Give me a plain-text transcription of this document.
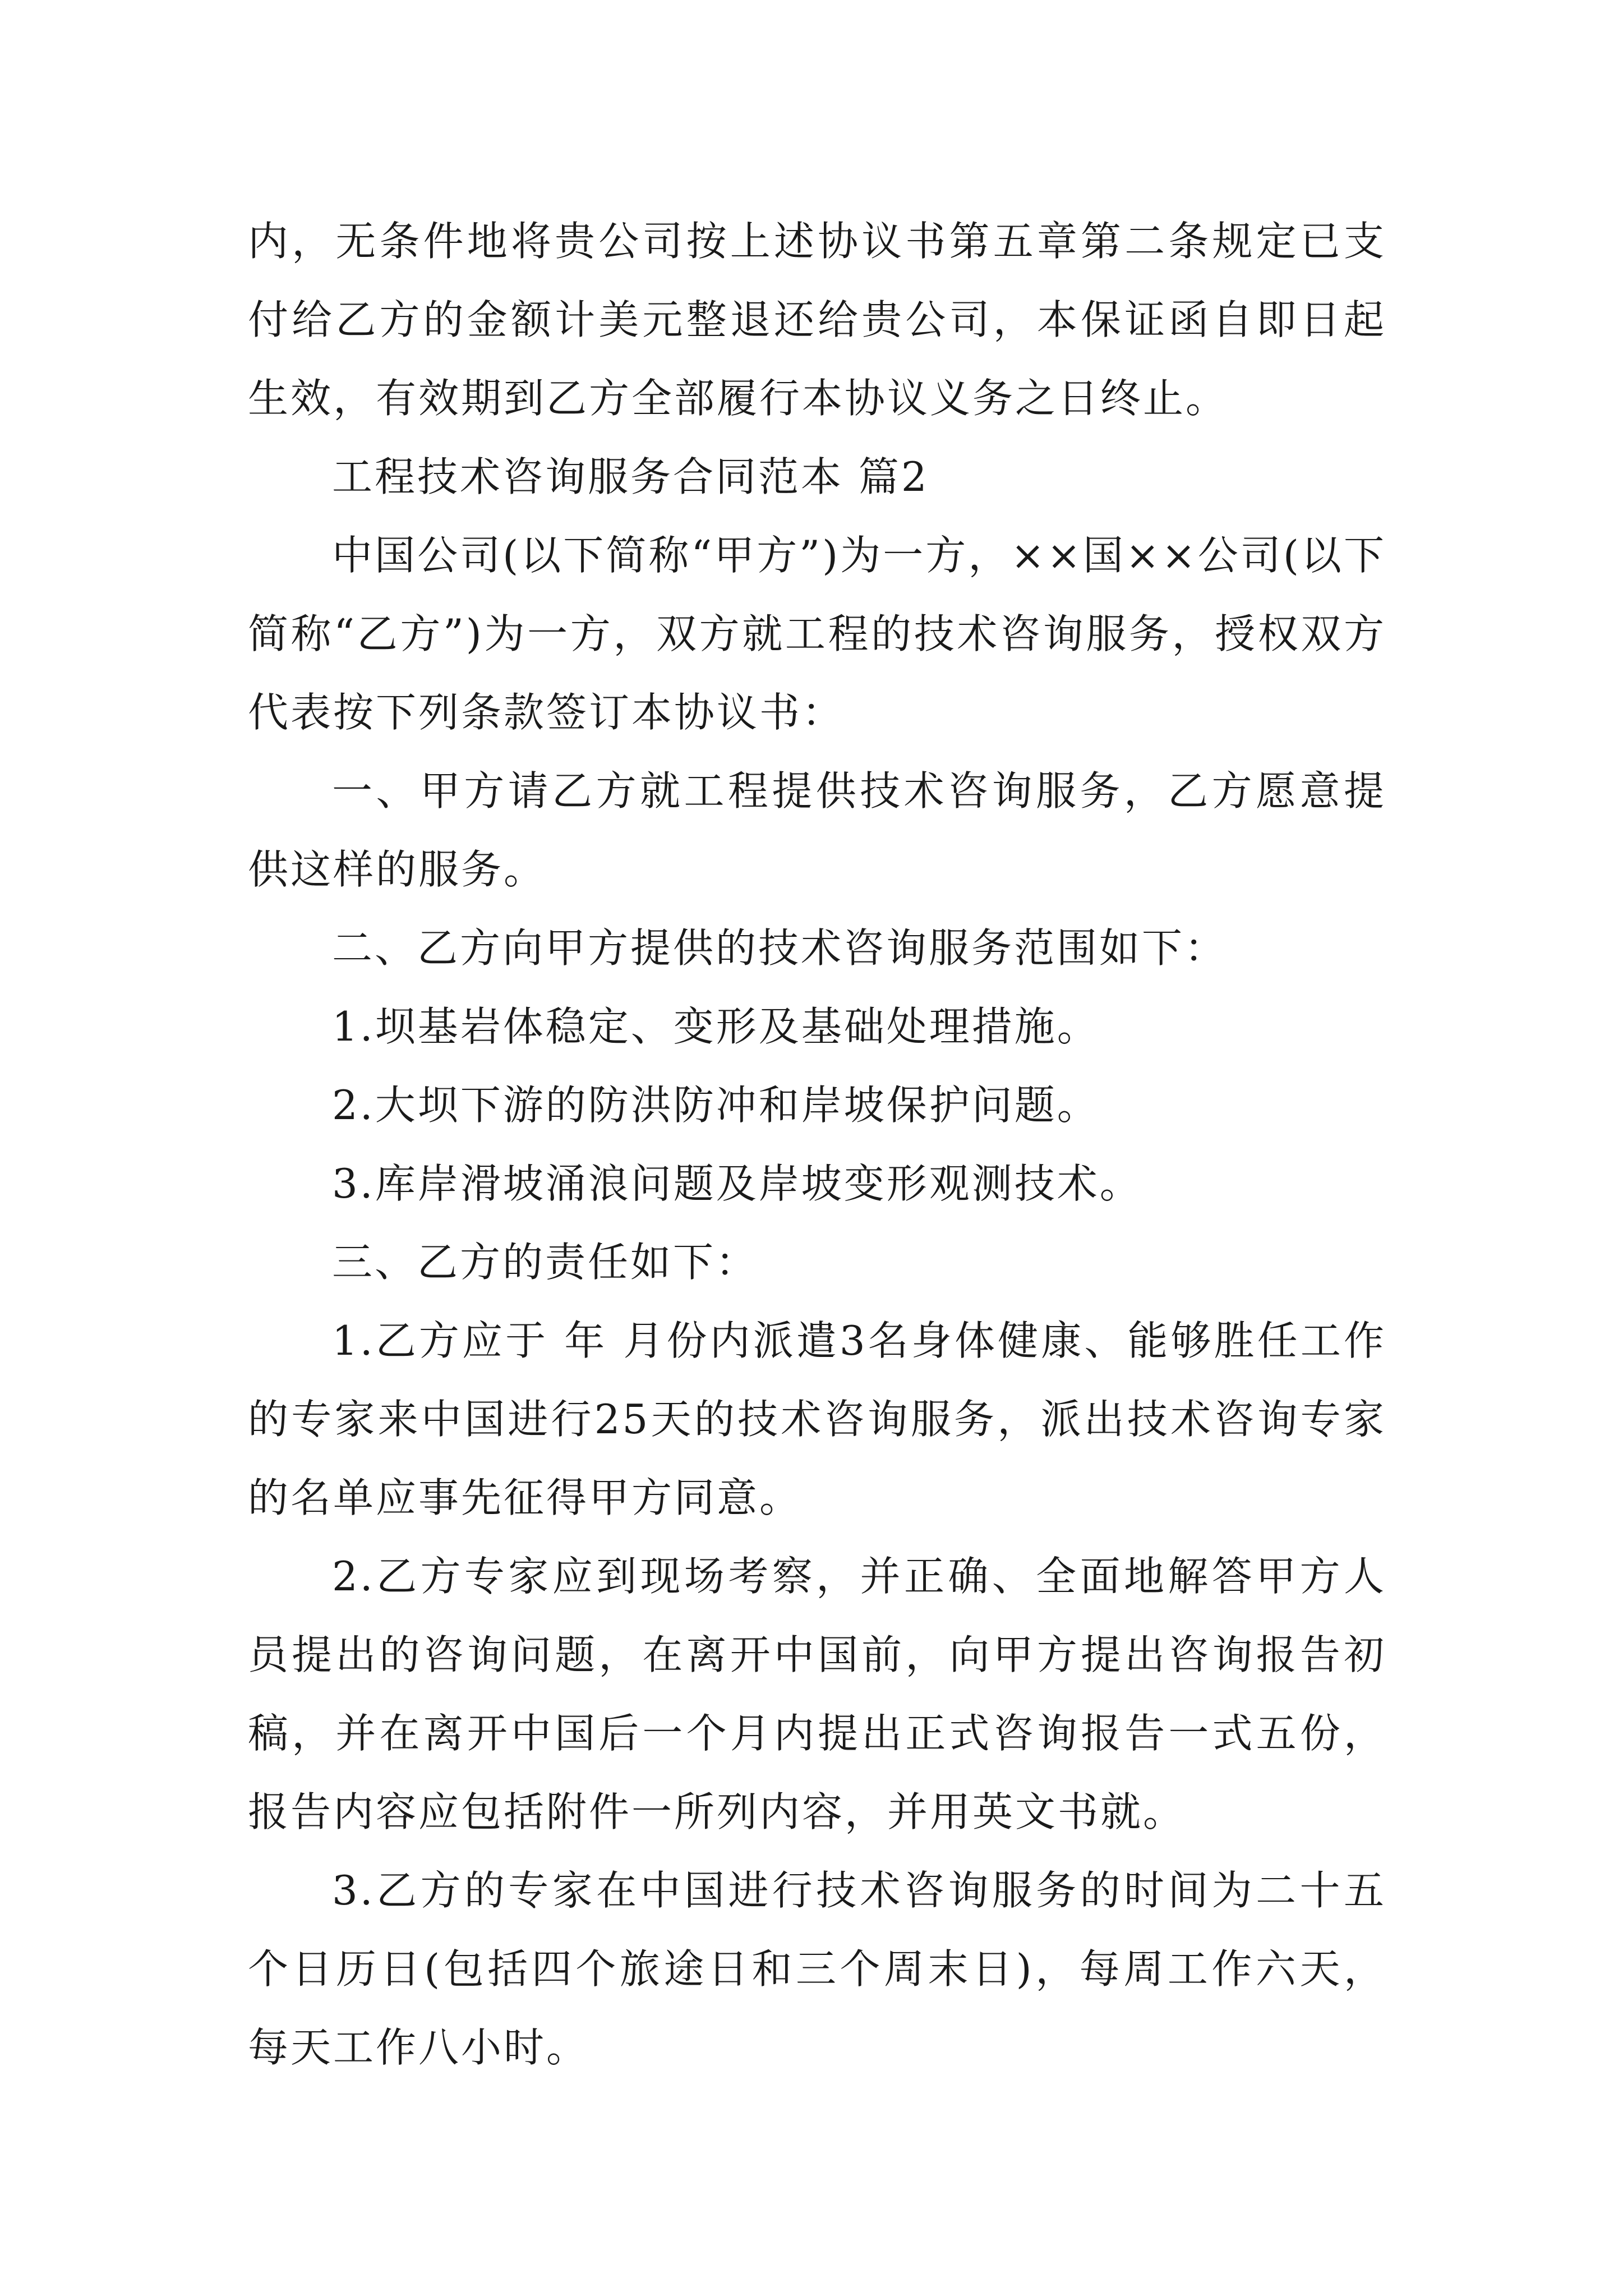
内，无条件地将贵公司按上述协议书第五章第二条规定已支付给乙方的金额计美元整退还给贵公司，本保证函自即日起生效，有效期到乙方全部履行本协议义务之日终止。

工程技术咨询服务合同范本 篇2

中国公司(以下简称“甲方”)为一方，××国××公司(以下简称“乙方”)为一方，双方就工程的技术咨询服务，授权双方代表按下列条款签订本协议书：

一、甲方请乙方就工程提供技术咨询服务，乙方愿意提供这样的服务。

二、乙方向甲方提供的技术咨询服务范围如下：

1.坝基岩体稳定、变形及基础处理措施。

2.大坝下游的防洪防冲和岸坡保护问题。

3.库岸滑坡涌浪问题及岸坡变形观测技术。

三、乙方的责任如下：

1.乙方应于 年 月份内派遣3名身体健康、能够胜任工作的专家来中国进行25天的技术咨询服务，派出技术咨询专家的名单应事先征得甲方同意。

2.乙方专家应到现场考察，并正确、全面地解答甲方人员提出的咨询问题，在离开中国前，向甲方提出咨询报告初稿，并在离开中国后一个月内提出正式咨询报告一式五份，报告内容应包括附件一所列内容，并用英文书就。

3.乙方的专家在中国进行技术咨询服务的时间为二十五个日历日(包括四个旅途日和三个周末日)，每周工作六天，每天工作八小时。
